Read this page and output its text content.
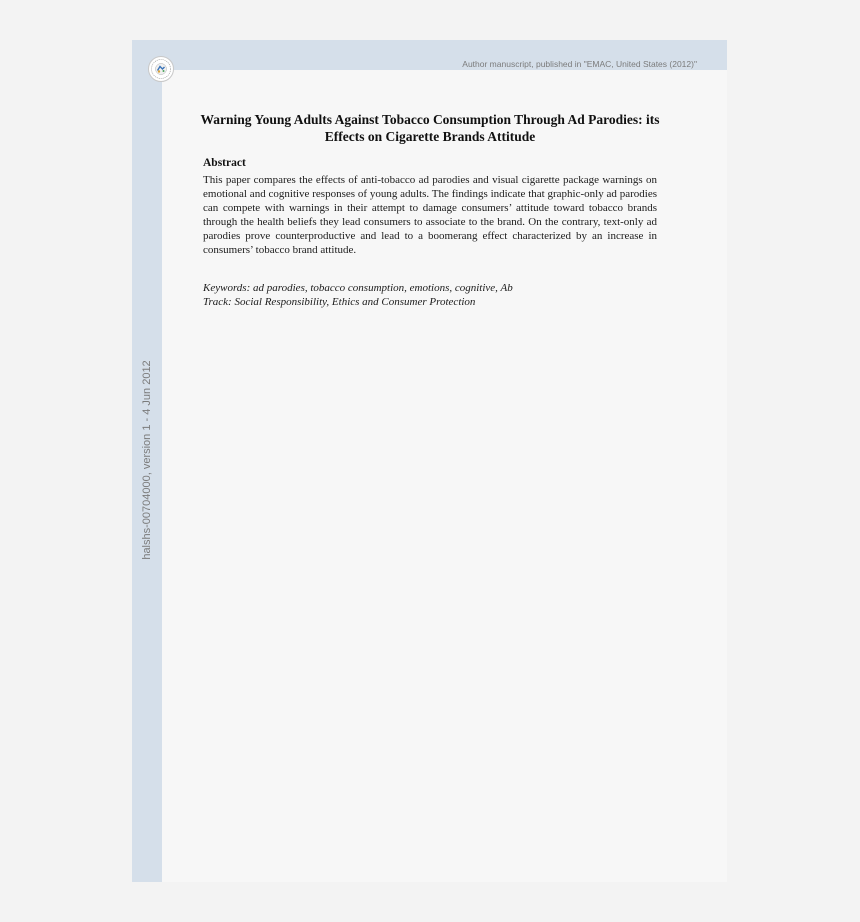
Author manuscript, published in "EMAC, United States (2012)"
halshs-00704000, version 1 - 4 Jun 2012
Warning Young Adults Against Tobacco Consumption Through Ad Parodies: its Effects on Cigarette Brands Attitude
Abstract

This paper compares the effects of anti-tobacco ad parodies and visual cigarette package warnings on emotional and cognitive responses of young adults. The findings indicate that graphic-only ad parodies can compete with warnings in their attempt to damage consumers’ attitude toward tobacco brands through the health beliefs they lead consumers to associate to the brand. On the contrary, text-only ad parodies prove counterproductive and lead to a boomerang effect characterized by an increase in consumers’ tobacco brand attitude.

Keywords: ad parodies, tobacco consumption, emotions, cognitive, Ab

Track: Social Responsibility, Ethics and Consumer Protection
